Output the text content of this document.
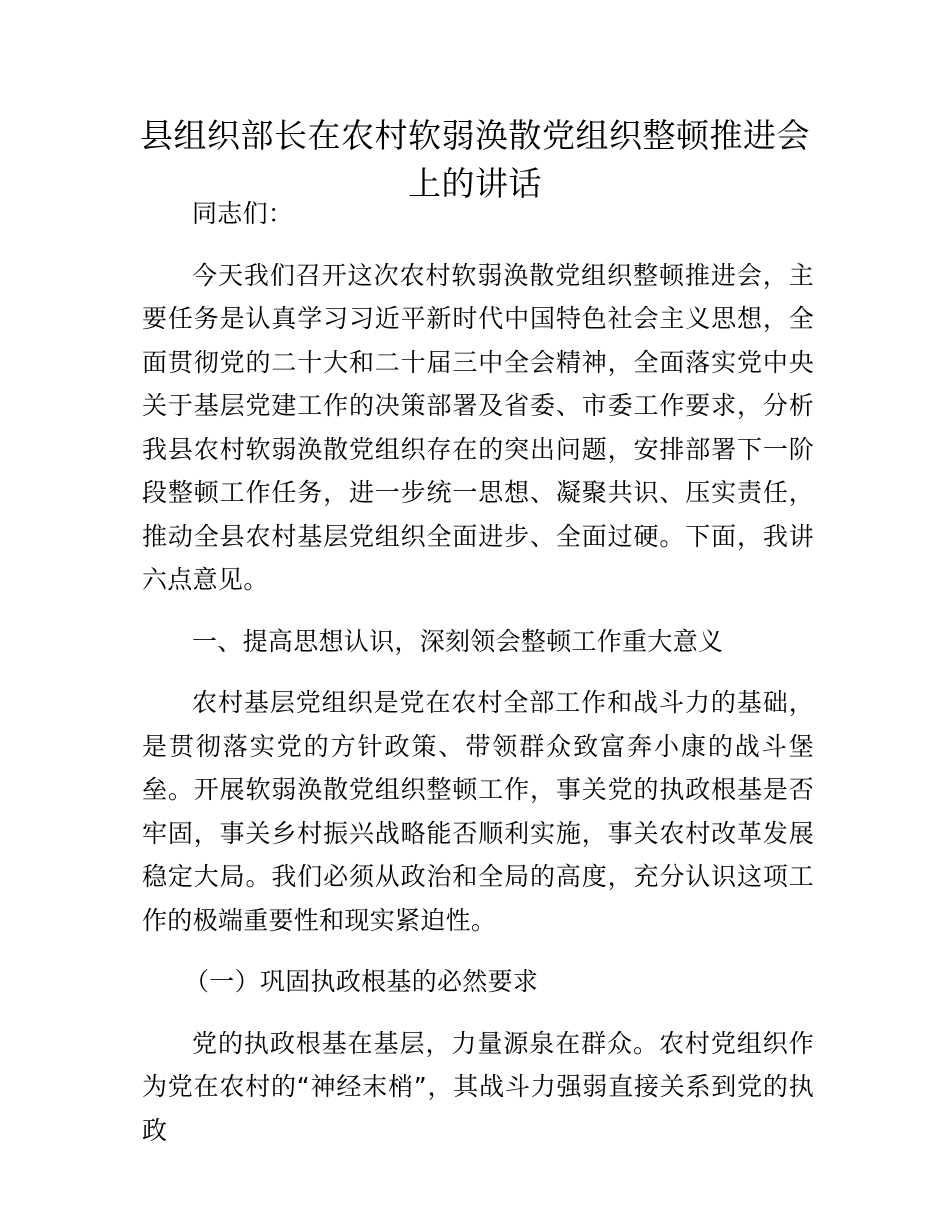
县组织部长在农村软弱涣散党组织整顿推进会上的讲话

同志们：

今天我们召开这次农村软弱涣散党组织整顿推进会，主要任务是认真学习习近平新时代中国特色社会主义思想，全面贯彻党的二十大和二十届三中全会精神，全面落实党中央关于基层党建工作的决策部署及省委、市委工作要求，分析我县农村软弱涣散党组织存在的突出问题，安排部署下一阶段整顿工作任务，进一步统一思想、凝聚共识、压实责任，推动全县农村基层党组织全面进步、全面过硬。下面，我讲六点意见。

一、提高思想认识，深刻领会整顿工作重大意义

农村基层党组织是党在农村全部工作和战斗力的基础，是贯彻落实党的方针政策、带领群众致富奔小康的战斗堡垒。开展软弱涣散党组织整顿工作，事关党的执政根基是否牢固，事关乡村振兴战略能否顺利实施，事关农村改革发展稳定大局。我们必须从政治和全局的高度，充分认识这项工作的极端重要性和现实紧迫性。

（一）巩固执政根基的必然要求

党的执政根基在基层，力量源泉在群众。农村党组织作为党在农村的“神经末梢”，其战斗力强弱直接关系到党的执政
